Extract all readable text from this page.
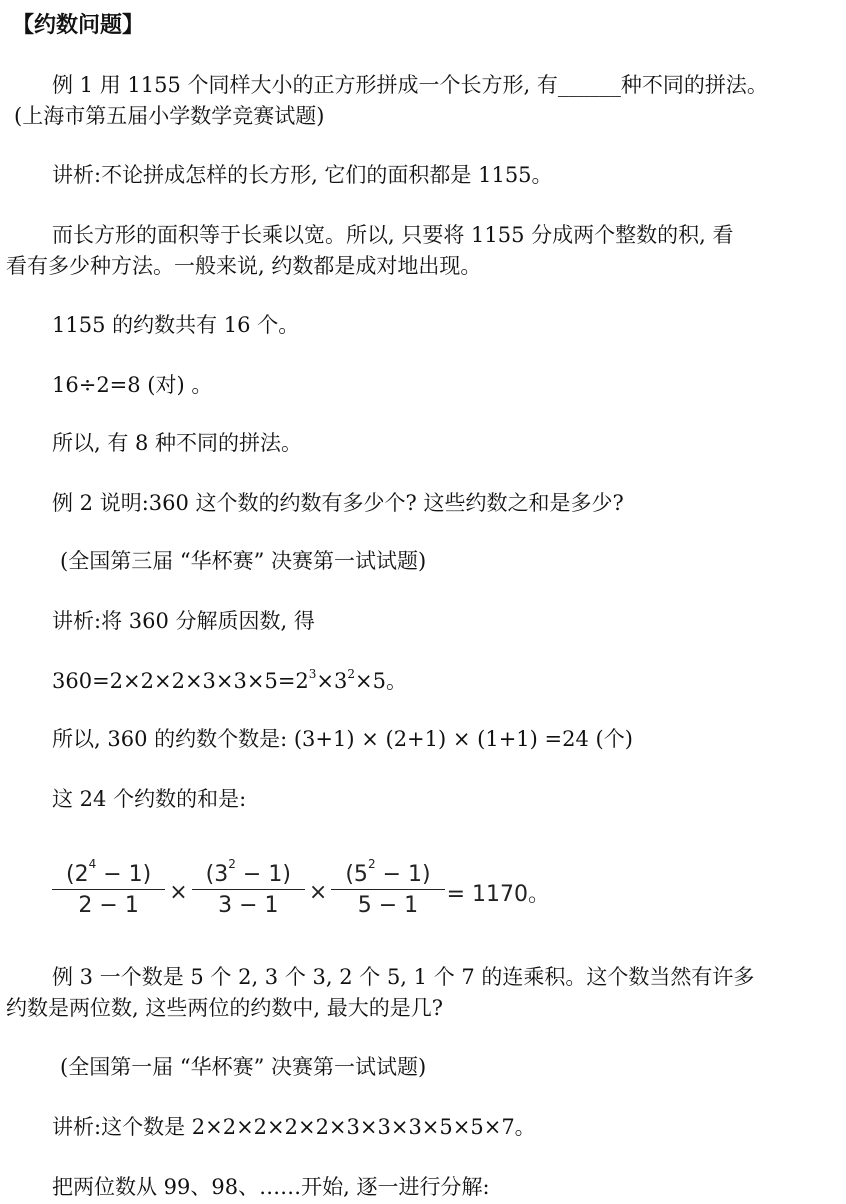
【约数问题】
例 1 用 1155 个同样大小的正方形拼成一个长方形, 有______种不同的拼法。
(上海市第五届小学数学竞赛试题)
讲析:不论拼成怎样的长方形, 它们的面积都是 1155。
而长方形的面积等于长乘以宽。所以, 只要将 1155 分成两个整数的积, 看
看有多少种方法。一般来说, 约数都是成对地出现。
1155 的约数共有 16 个。
16÷2=8 (对) 。
所以, 有 8 种不同的拼法。
例 2 说明:360 这个数的约数有多少个? 这些约数之和是多少?
(全国第三届 “华杯赛” 决赛第一试试题)
讲析:将 360 分解质因数, 得
$360=2\times 2\times 2\times 3\times 3\times 5=2^3\times 3^2\times 5$。
所以, 360 的约数个数是: (3+1) × (2+1) × (1+1) =24 (个)
这 24 个约数的和是:
$\frac{(2^4 - 1)}{2 - 1} \times \frac{(3^2 - 1)}{3 - 1} \times \frac{(5^2 - 1)}{5 - 1} = 1170$。
例 3 一个数是 5 个 2, 3 个 3, 2 个 5, 1 个 7 的连乘积。这个数当然有许多
约数是两位数, 这些两位的约数中, 最大的是几?
(全国第一届 “华杯赛” 决赛第一试试题)
讲析:这个数是 2×2×2×2×2×3×3×3×5×5×7。
把两位数从 99、98、……开始, 逐一进行分解:
